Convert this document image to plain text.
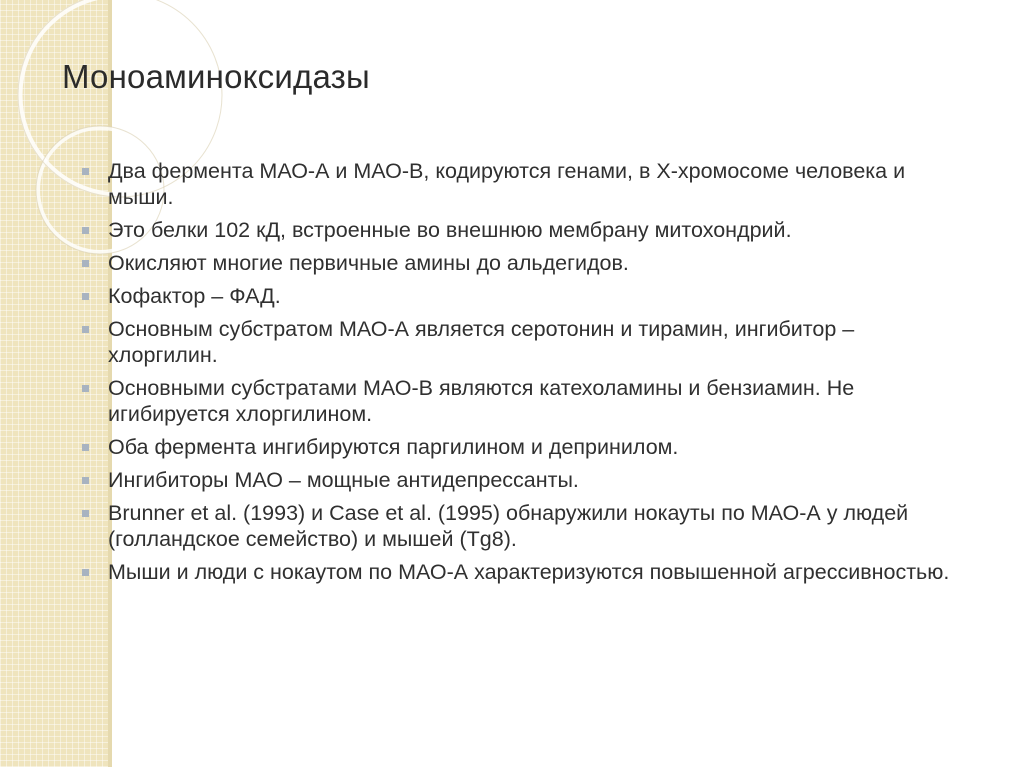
Моноаминоксидазы
Два фермента МАО-А и МАО-В, кодируются генами, в Х-хромосоме человека и мыши.
Это белки 102 кД, встроенные во внешнюю мембрану митохондрий.
Окисляют многие первичные амины до альдегидов.
Кофактор – ФАД.
Основным субстратом МАО-А является серотонин и тирамин, ингибитор – хлоргилин.
Основными субстратами МАО-В являются катехоламины и бензиамин. Не игибируется хлоргилином.
Оба фермента ингибируются паргилином и депринилом.
Ингибиторы МАО – мощные антидепрессанты.
Brunner et al. (1993) и Case et al. (1995) обнаружили нокауты по МАО-А у людей (голландское семейство) и мышей (Tg8).
Мыши и люди с нокаутом по МАО-А характеризуются повышенной агрессивностью.
